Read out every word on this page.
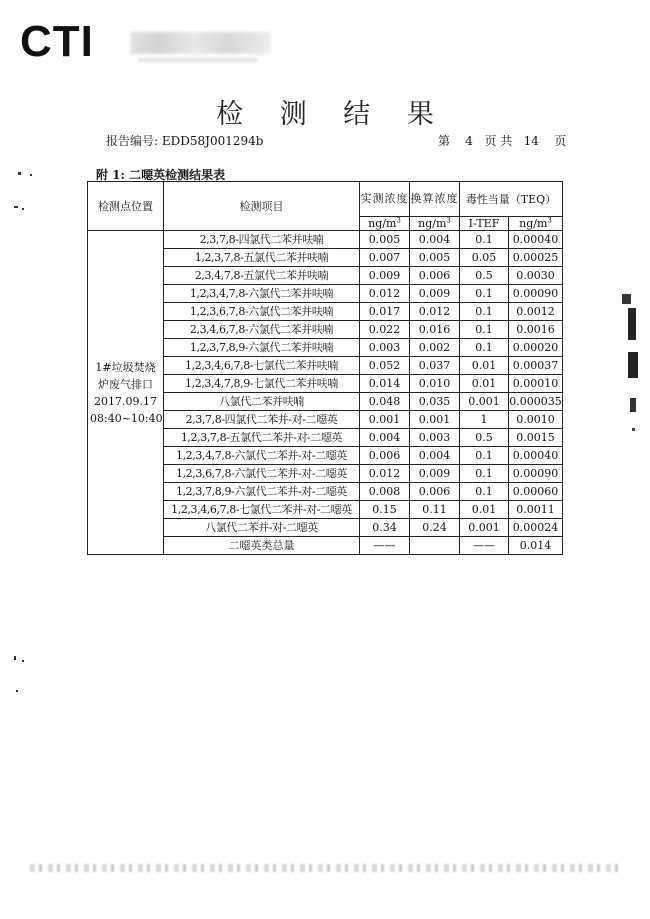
CTI
检 测 结 果
报告编号: EDD58J001294b	第 4 页 共 14 页
附 1: 二噁英检测结果表
检测点位置	检测项目	实测浓度	换算浓度	毒性当量（TEQ）	
		$ng/m^3$	$ng/m^3$	I-TEF	$ng/m^3$
1#垃圾焚烧炉废气排口 2017.09.17 08:40~10:40	2,3,7,8-四氯代二苯并呋喃	0.005	0.004	0.1	0.00040
	1,2,3,7,8-五氯代二苯并呋喃	0.007	0.005	0.05	0.00025
	2,3,4,7,8-五氯代二苯并呋喃	0.009	0.006	0.5	0.0030
	1,2,3,4,7,8-六氯代二苯并呋喃	0.012	0.009	0.1	0.00090
	1,2,3,6,7,8-六氯代二苯并呋喃	0.017	0.012	0.1	0.0012
	2,3,4,6,7,8-六氯代二苯并呋喃	0.022	0.016	0.1	0.0016
	1,2,3,7,8,9-六氯代二苯并呋喃	0.003	0.002	0.1	0.00020
	1,2,3,4,6,7,8-七氯代二苯并呋喃	0.052	0.037	0.01	0.00037
	1,2,3,4,7,8,9-七氯代二苯并呋喃	0.014	0.010	0.01	0.00010
	八氯代二苯并呋喃	0.048	0.035	0.001	0.000035
	2,3,7,8-四氯代二苯并-对-二噁英	0.001	0.001	1	0.0010
	1,2,3,7,8-五氯代二苯并-对-二噁英	0.004	0.003	0.5	0.0015
	1,2,3,4,7,8-六氯代二苯并-对-二噁英	0.006	0.004	0.1	0.00040
	1,2,3,6,7,8-六氯代二苯并-对-二噁英	0.012	0.009	0.1	0.00090
	1,2,3,7,8,9-六氯代二苯并-对-二噁英	0.008	0.006	0.1	0.00060
	1,2,3,4,6,7,8-七氯代二苯并-对-二噁英	0.15	0.11	0.01	0.0011
	八氯代二苯并-对-二噁英	0.34	0.24	0.001	0.00024
	二噁英类总量	——		——	0.014
